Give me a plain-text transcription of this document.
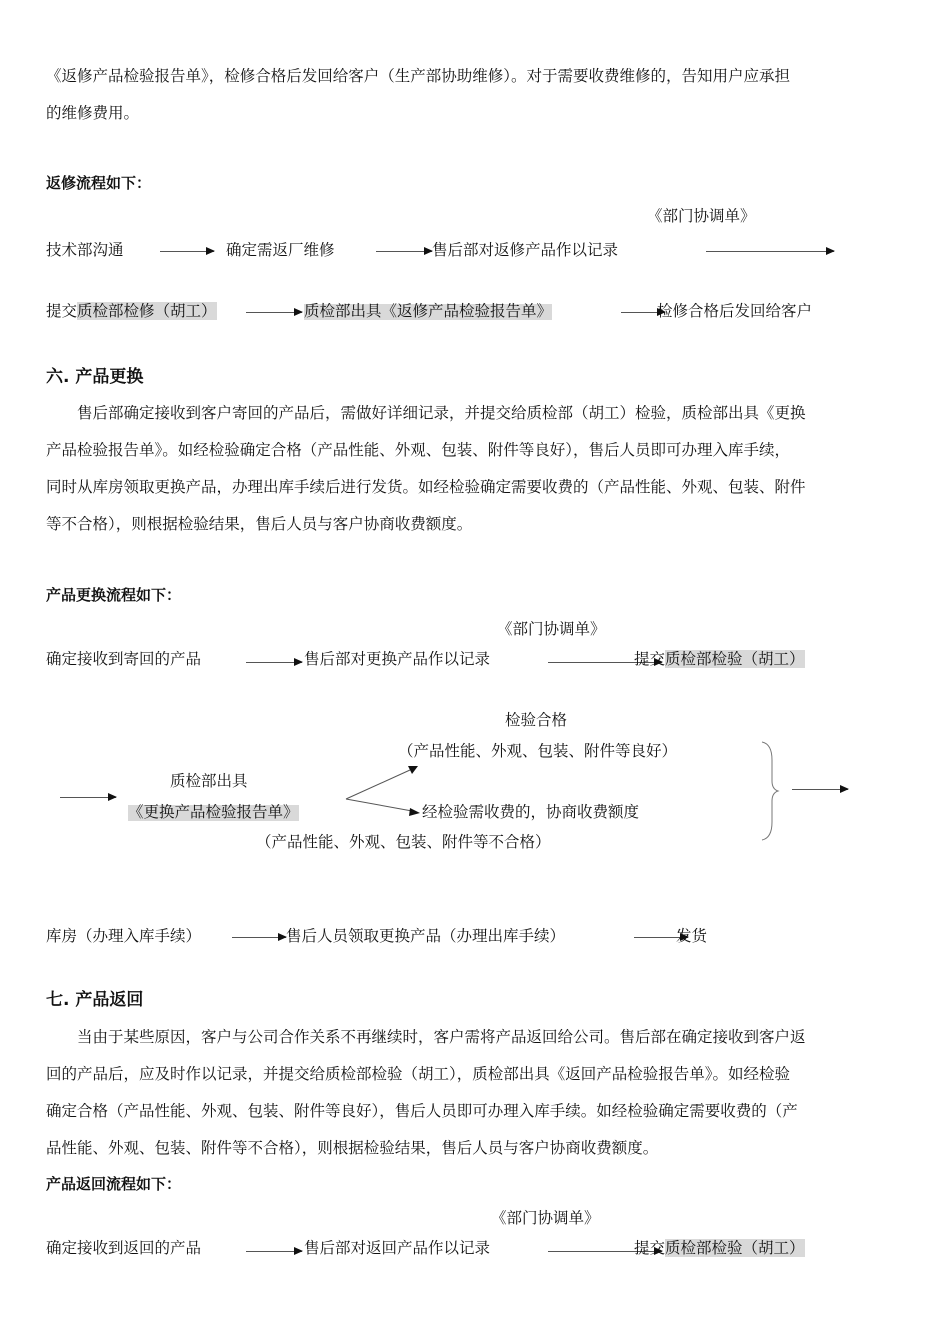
《返修产品检验报告单》，检修合格后发回给客户（生产部协助维修）。对于需要收费维修的，告知用户应承担
的维修费用。
返修流程如下：
《部门协调单》
技术部沟通	确定需返厂维修	售后部对返修产品作以记录
提交质检部检修（胡工）	质检部出具《返修产品检验报告单》	检修合格后发回给客户
六. 产品更换
售后部确定接收到客户寄回的产品后，需做好详细记录，并提交给质检部（胡工）检验，质检部出具《更换
产品检验报告单》。如经检验确定合格（产品性能、外观、包装、附件等良好），售后人员即可办理入库手续，
同时从库房领取更换产品，办理出库手续后进行发货。如经检验确定需要收费的（产品性能、外观、包装、附件
等不合格），则根据检验结果，售后人员与客户协商收费额度。
产品更换流程如下：
《部门协调单》
确定接收到寄回的产品	售后部对更换产品作以记录	提交质检部检验（胡工）
检验合格
（产品性能、外观、包装、附件等良好）
质检部出具
《更换产品检验报告单》	经检验需收费的，协商收费额度
（产品性能、外观、包装、附件等不合格）
库房（办理入库手续）	售后人员领取更换产品（办理出库手续）	发货
七. 产品返回
当由于某些原因，客户与公司合作关系不再继续时，客户需将产品返回给公司。售后部在确定接收到客户返
回的产品后，应及时作以记录，并提交给质检部检验（胡工），质检部出具《返回产品检验报告单》。如经检验
确定合格（产品性能、外观、包装、附件等良好），售后人员即可办理入库手续。如经检验确定需要收费的（产
品性能、外观、包装、附件等不合格），则根据检验结果，售后人员与客户协商收费额度。
产品返回流程如下：
《部门协调单》
确定接收到返回的产品	售后部对返回产品作以记录	提交质检部检验（胡工）
